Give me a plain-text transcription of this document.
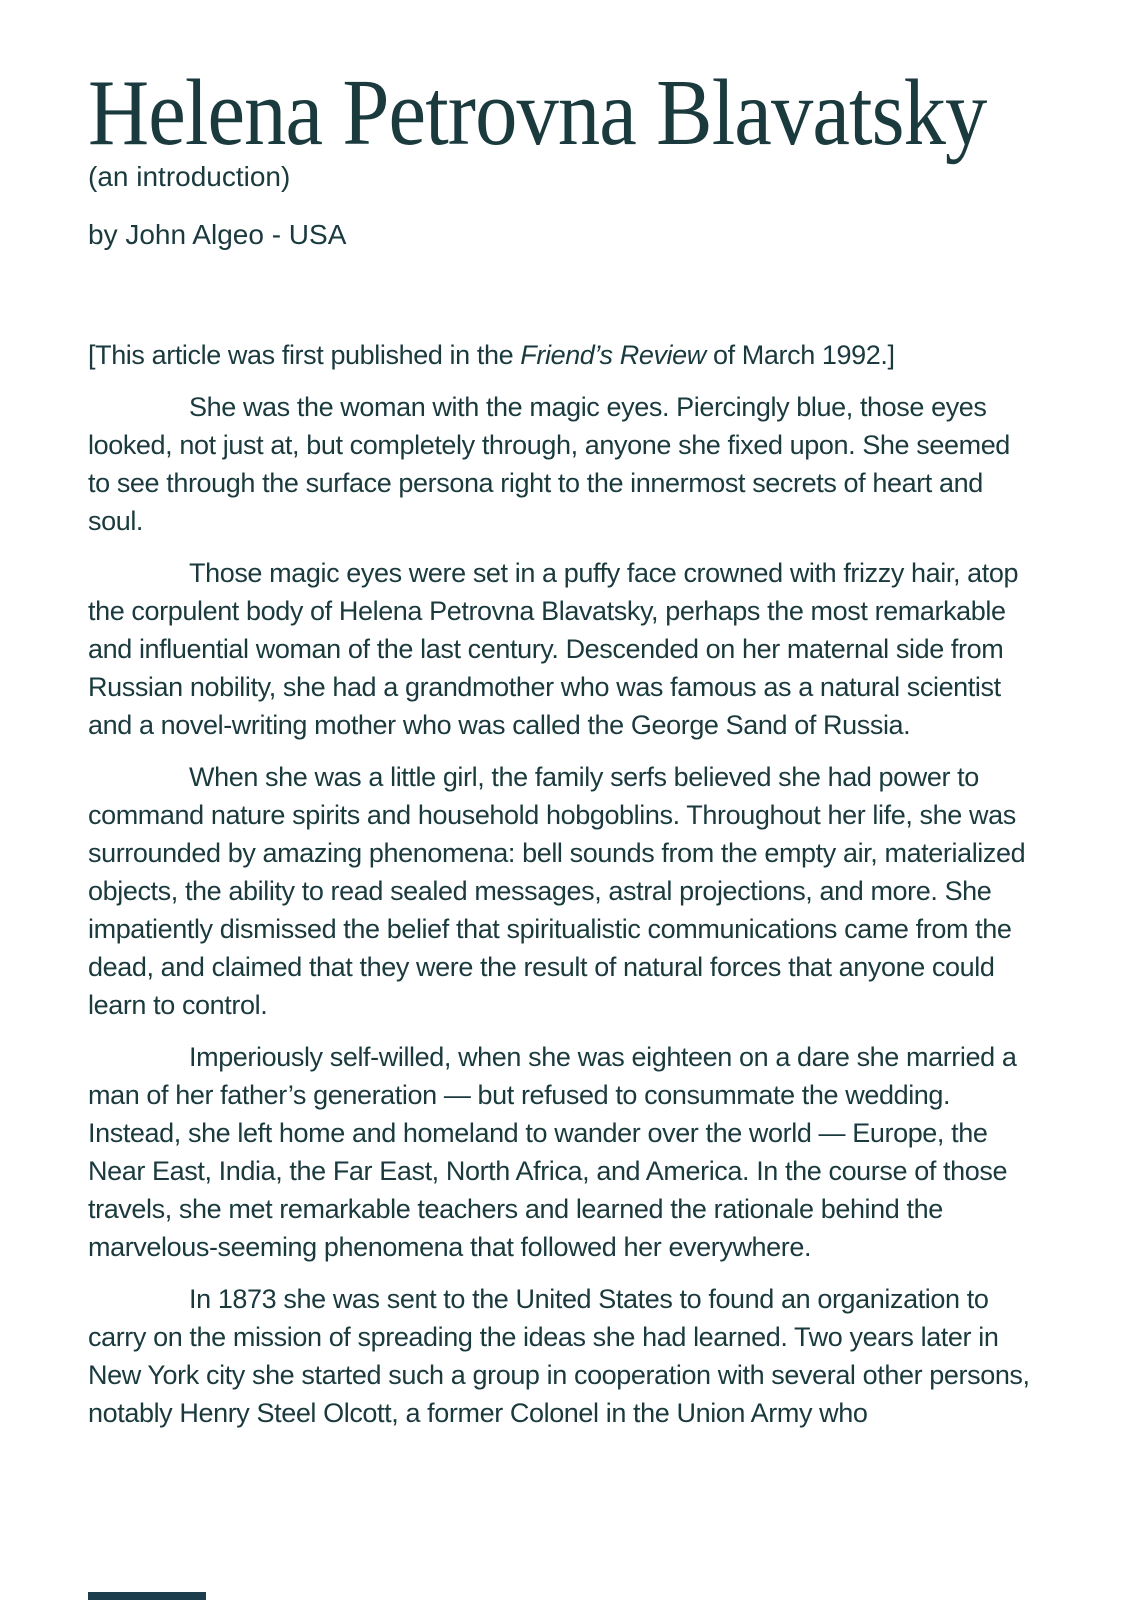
Helena Petrovna Blavatsky
(an introduction)
by John Algeo - USA

[This article was first published in the Friend’s Review of March 1992.]

She was the woman with the magic eyes. Piercingly blue, those eyes looked, not just at, but completely through, anyone she fixed upon. She seemed to see through the surface persona right to the innermost secrets of heart and soul.

Those magic eyes were set in a puffy face crowned with frizzy hair, atop the corpulent body of Helena Petrovna Blavatsky, perhaps the most remarkable and influential woman of the last century. Descended on her maternal side from Russian nobility, she had a grandmother who was famous as a natural scientist and a novel-writing mother who was called the George Sand of Russia.

When she was a little girl, the family serfs believed she had power to command nature spirits and household hobgoblins. Throughout her life, she was surrounded by amazing phenomena: bell sounds from the empty air, materialized objects, the ability to read sealed messages, astral projections, and more. She impatiently dismissed the belief that spiritualistic communications came from the dead, and claimed that they were the result of natural forces that anyone could learn to control.

Imperiously self-willed, when she was eighteen on a dare she married a man of her father’s generation — but refused to consummate the wedding. Instead, she left home and homeland to wander over the world — Europe, the Near East, India, the Far East, North Africa, and America. In the course of those travels, she met remarkable teachers and learned the rationale behind the marvelous-seeming phenomena that followed her everywhere.

In 1873 she was sent to the United States to found an organization to carry on the mission of spreading the ideas she had learned. Two years later in New York city she started such a group in cooperation with several other persons, notably Henry Steel Olcott, a former Colonel in the Union Army who
